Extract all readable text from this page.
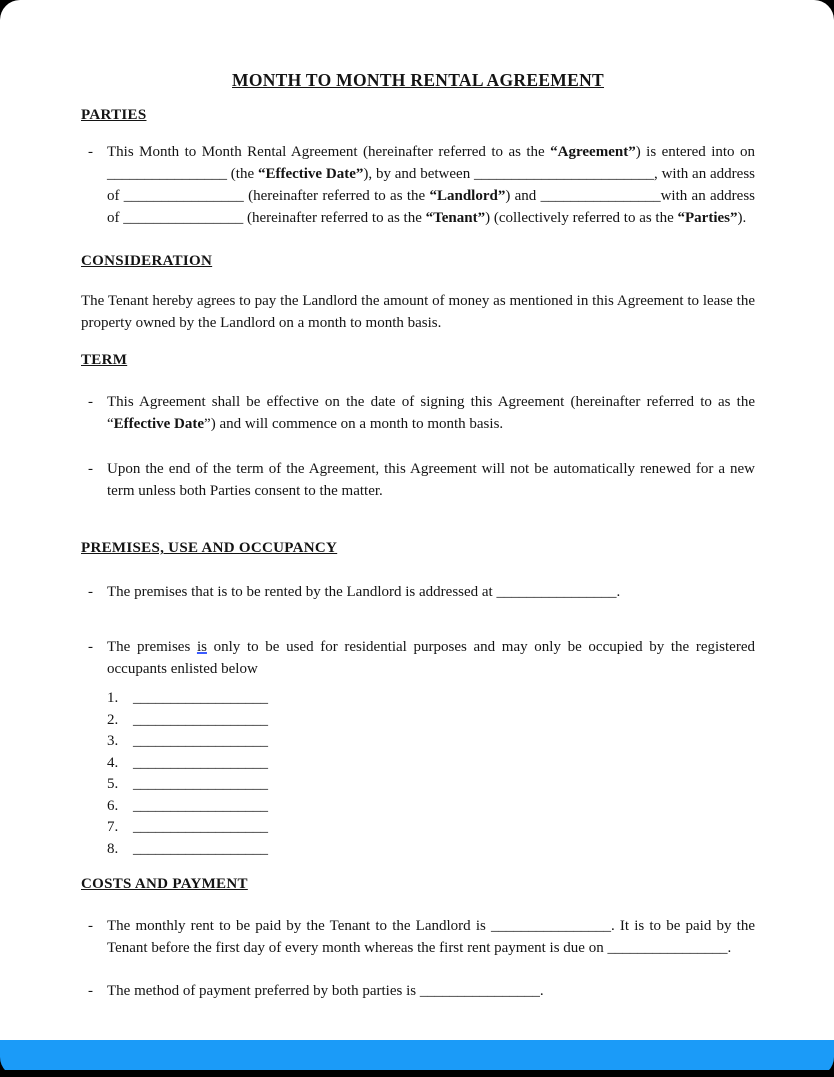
MONTH TO MONTH RENTAL AGREEMENT
PARTIES
- This Month to Month Rental Agreement (hereinafter referred to as the “Agreement”) is entered into on ________________ (the “Effective Date”), by and between ________________________, with an address of ________________ (hereinafter referred to as the “Landlord”) and ________________with an address of ________________ (hereinafter referred to as the “Tenant”) (collectively referred to as the “Parties”).
CONSIDERATION

The Tenant hereby agrees to pay the Landlord the amount of money as mentioned in this Agreement to lease the property owned by the Landlord on a month to month basis.

TERM
- This Agreement shall be effective on the date of signing this Agreement (hereinafter referred to as the “Effective Date”) and will commence on a month to month basis.
- Upon the end of the term of the Agreement, this Agreement will not be automatically renewed for a new term unless both Parties consent to the matter.
PREMISES, USE AND OCCUPANCY
- The premises that is to be rented by the Landlord is addressed at ________________.
- The premises is only to be used for residential purposes and may only be occupied by the registered occupants enlisted below
1. __________________
2. __________________
3. __________________
4. __________________
5. __________________
6. __________________
7. __________________
8. __________________
COSTS AND PAYMENT
- The monthly rent to be paid by the Tenant to the Landlord is ________________. It is to be paid by the Tenant before the first day of every month whereas the first rent payment is due on ________________.
- The method of payment preferred by both parties is ________________.
